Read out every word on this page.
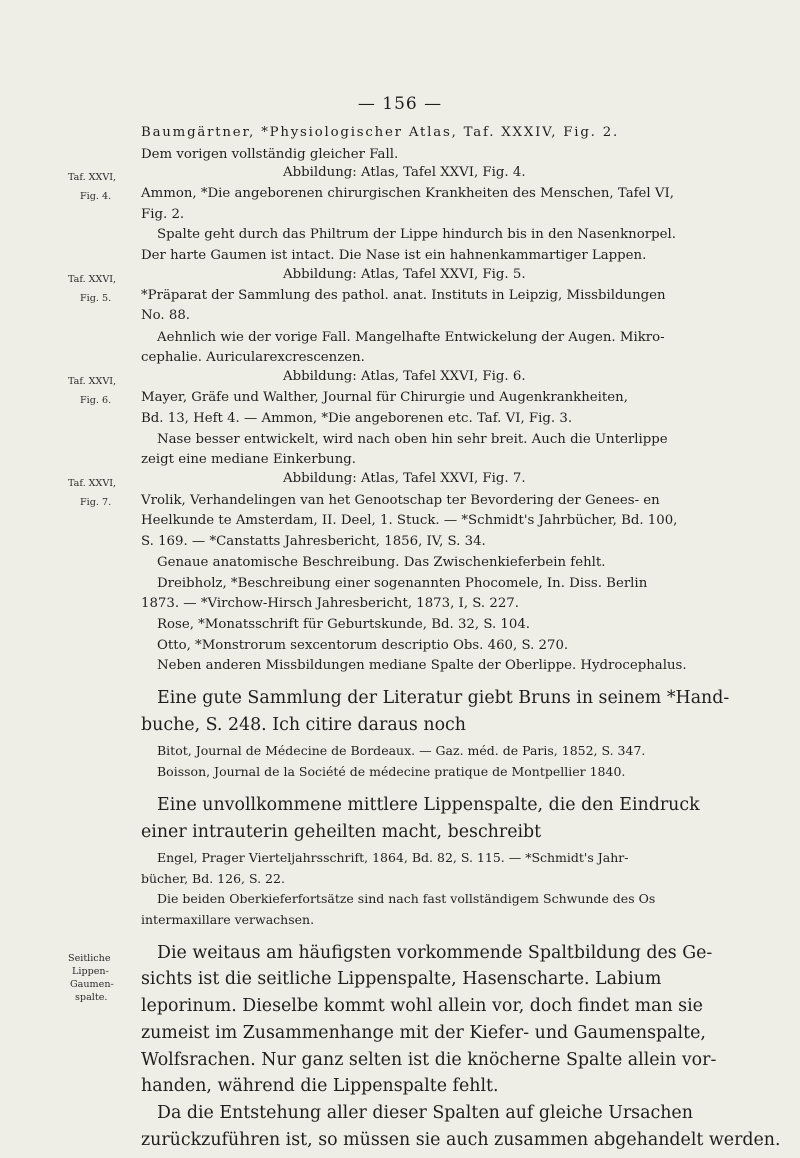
— 156 —
Baumgärtner, *Physiologischer Atlas, Taf. XXXIV, Fig. 2.
Dem vorigen vollständig gleicher Fall.
Abbildung: Atlas, Tafel XXVI, Fig. 4.
Ammon, *Die angeborenen chirurgischen Krankheiten des Menschen, Tafel VI,
Fig. 2.
Spalte geht durch das Philtrum der Lippe hindurch bis in den Nasenknorpel.
Der harte Gaumen ist intact. Die Nase ist ein hahnenkammartiger Lappen.
Abbildung: Atlas, Tafel XXVI, Fig. 5.
*Präparat der Sammlung des pathol. anat. Instituts in Leipzig, Missbildungen
No. 88.
Aehnlich wie der vorige Fall. Mangelhafte Entwickelung der Augen. Mikro-
cephalie. Auricularexcrescenzen.
Abbildung: Atlas, Tafel XXVI, Fig. 6.
Mayer, Gräfe und Walther, Journal für Chirurgie und Augenkrankheiten,
Bd. 13, Heft 4. — Ammon, *Die angeborenen etc. Taf. VI, Fig. 3.
Nase besser entwickelt, wird nach oben hin sehr breit. Auch die Unterlippe
zeigt eine mediane Einkerbung.
Abbildung: Atlas, Tafel XXVI, Fig. 7.
Vrolik, Verhandelingen van het Genootschap ter Bevordering der Genees- en
Heelkunde te Amsterdam, II. Deel, 1. Stuck. — *Schmidt's Jahrbücher, Bd. 100,
S. 169. — *Canstatts Jahresbericht, 1856, IV, S. 34.
Genaue anatomische Beschreibung. Das Zwischenkieferbein fehlt.
Dreibholz, *Beschreibung einer sogenannten Phocomele, In. Diss. Berlin
1873. — *Virchow-Hirsch Jahresbericht, 1873, I, S. 227.
Rose, *Monatsschrift für Geburtskunde, Bd. 32, S. 104.
Otto, *Monstrorum sexcentorum descriptio Obs. 460, S. 270.
Neben anderen Missbildungen mediane Spalte der Oberlippe. Hydrocephalus.
Eine gute Sammlung der Literatur giebt Bruns in seinem *Hand-
buche, S. 248. Ich citire daraus noch
Bitot, Journal de Médecine de Bordeaux. — Gaz. méd. de Paris, 1852, S. 347.
Boisson, Journal de la Société de médecine pratique de Montpellier 1840.
Eine unvollkommene mittlere Lippenspalte, die den Eindruck
einer intrauterin geheilten macht, beschreibt
Engel, Prager Vierteljahrsschrift, 1864, Bd. 82, S. 115. — *Schmidt's Jahr-
bücher, Bd. 126, S. 22.
Die beiden Oberkieferfortsätze sind nach fast vollständigem Schwunde des Os
intermaxillare verwachsen.
Die weitaus am häufigsten vorkommende Spaltbildung des Ge-
sichts ist die seitliche Lippenspalte, Hasenscharte. Labium
leporinum. Dieselbe kommt wohl allein vor, doch findet man sie
zumeist im Zusammenhange mit der Kiefer- und Gaumenspalte,
Wolfsrachen. Nur ganz selten ist die knöcherne Spalte allein vor-
handen, während die Lippenspalte fehlt.
Da die Entstehung aller dieser Spalten auf gleiche Ursachen
zurückzuführen ist, so müssen sie auch zusammen abgehandelt werden.
Taf. XXVI,
Fig. 4.
Taf. XXVI,
Fig. 5.
Taf. XXVI,
Fig. 6.
Taf. XXVI,
Fig. 7.
Seitliche
Lippen-
Gaumen-
spalte.
